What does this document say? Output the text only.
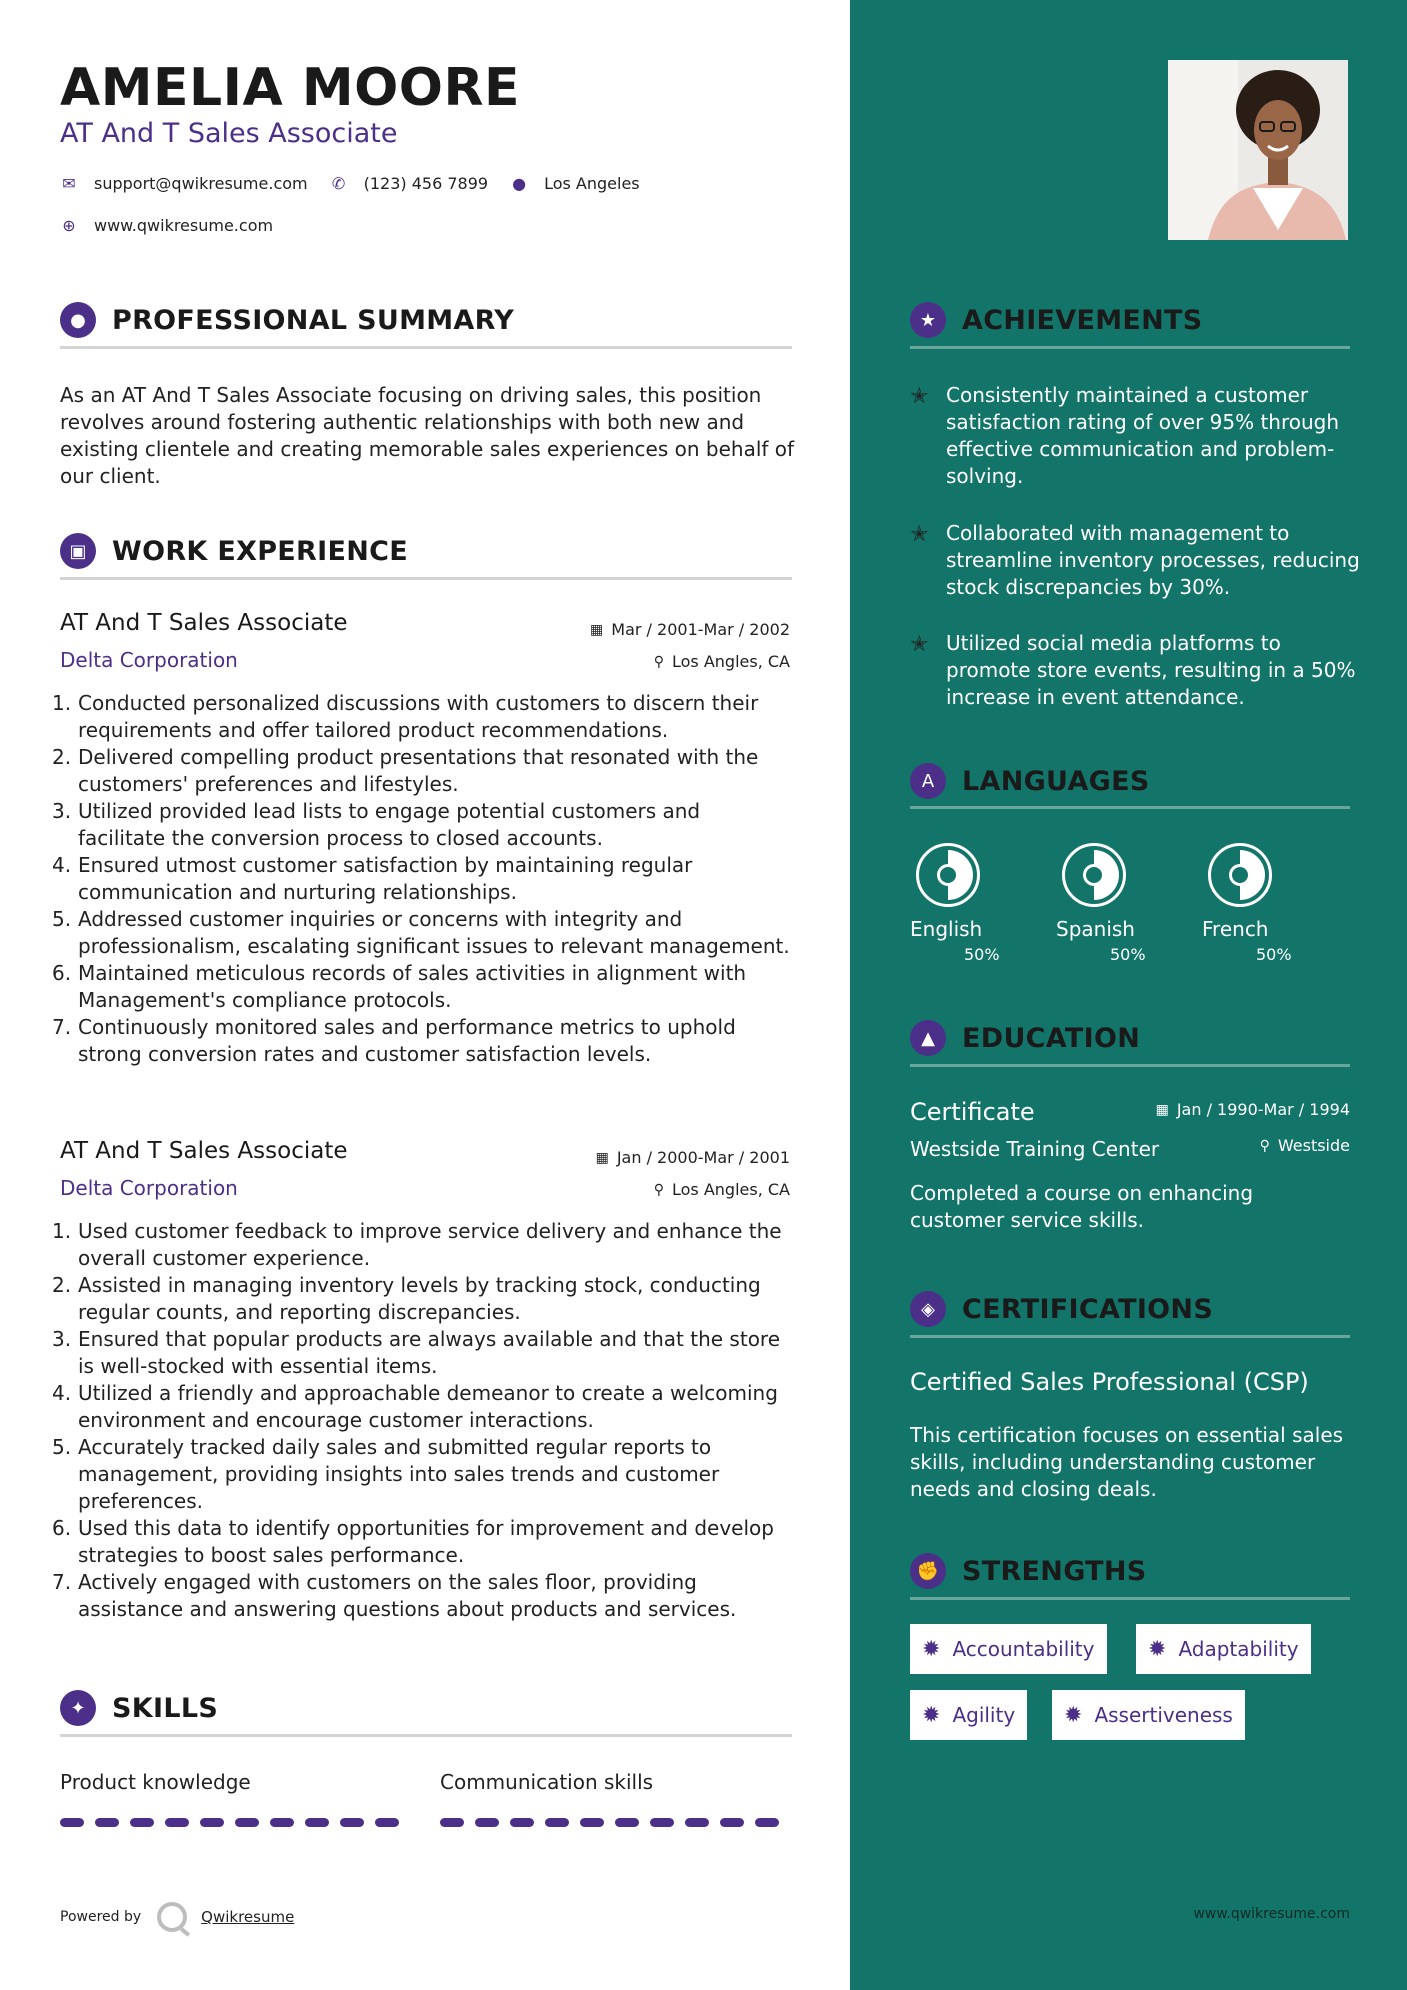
AMELIA MOORE
AT And T Sales Associate
✉ support@qwikresume.com ✆ (123) 456 7899 ● Los Angeles
⊕ www.qwikresume.com
● PROFESSIONAL SUMMARY
As an AT And T Sales Associate focusing on driving sales, this position revolves around fostering authentic relationships with both new and existing clientele and creating memorable sales experiences on behalf of our client.
▣ WORK EXPERIENCE
AT And T Sales Associate	▦ Mar / 2001-Mar / 2002
Delta Corporation	⚲ Los Angles, CA
1. Conducted personalized discussions with customers to discern their requirements and offer tailored product recommendations.
2. Delivered compelling product presentations that resonated with the customers' preferences and lifestyles.
3. Utilized provided lead lists to engage potential customers and facilitate the conversion process to closed accounts.
4. Ensured utmost customer satisfaction by maintaining regular communication and nurturing relationships.
5. Addressed customer inquiries or concerns with integrity and professionalism, escalating significant issues to relevant management.
6. Maintained meticulous records of sales activities in alignment with Management's compliance protocols.
7. Continuously monitored sales and performance metrics to uphold strong conversion rates and customer satisfaction levels.
AT And T Sales Associate	▦ Jan / 2000-Mar / 2001
Delta Corporation	⚲ Los Angles, CA
1. Used customer feedback to improve service delivery and enhance the overall customer experience.
2. Assisted in managing inventory levels by tracking stock, conducting regular counts, and reporting discrepancies.
3. Ensured that popular products are always available and that the store is well-stocked with essential items.
4. Utilized a friendly and approachable demeanor to create a welcoming environment and encourage customer interactions.
5. Accurately tracked daily sales and submitted regular reports to management, providing insights into sales trends and customer preferences.
6. Used this data to identify opportunities for improvement and develop strategies to boost sales performance.
7. Actively engaged with customers on the sales floor, providing assistance and answering questions about products and services.
✦ SKILLS
Product knowledge	Communication skills
Powered by	Qwikresume
★ ACHIEVEMENTS
✭ Consistently maintained a customer satisfaction rating of over 95% through effective communication and problem-solving.
✭ Collaborated with management to streamline inventory processes, reducing stock discrepancies by 30%.
✭ Utilized social media platforms to promote store events, resulting in a 50% increase in event attendance.
A	LANGUAGES
English
50%
Spanish
50%
French
50%
▲	EDUCATION
Certificate	▦ Jan / 1990-Mar / 1994
Westside Training Center	⚲ Westside
Completed a course on enhancing customer service skills.
◈	CERTIFICATIONS
Certified Sales Professional (CSP)
This certification focuses on essential sales skills, including understanding customer needs and closing deals.
✊ STRENGTHS
✹ Accountability ✹ Adaptability
✹ Agility ✹ Assertiveness
www.qwikresume.com
